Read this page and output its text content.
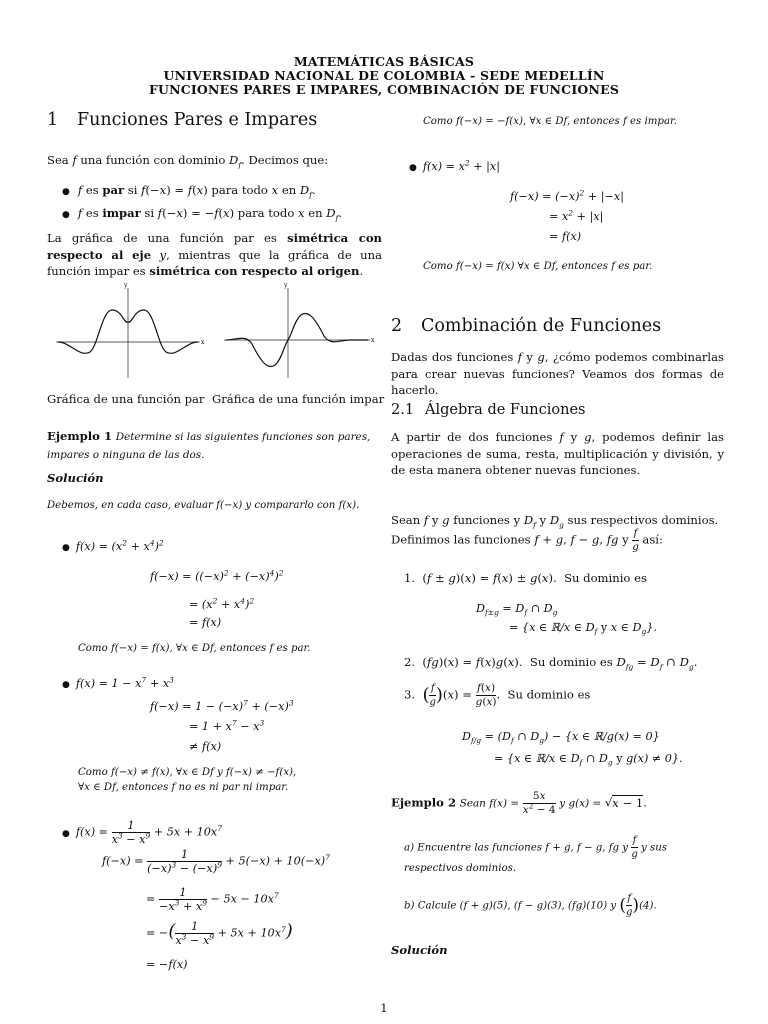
MATEMÁTICAS BÁSICAS
UNIVERSIDAD NACIONAL DE COLOMBIA - SEDE MEDELLÍN
FUNCIONES PARES E IMPARES, COMBINACIÓN DE FUNCIONES
1 Funciones Pares e Impares
Sea f una función con dominio $D_f$. Decimos que:
● f es par si f(−x) = f(x) para todo x en $D_f$.
● f es impar si f(−x) = −f(x) para todo x en $D_f$.
La gráfica de una función par es simétrica con respecto al eje y, mientras que la gráfica de una función impar es simétrica con respecto al origen.
y
x
y
x
Gráfica de una función par Gráfica de una función impar
Ejemplo 1 Determine si las siguientes funciones son pares, impares o ninguna de las dos.
Solución
Debemos, en cada caso, evaluar f(−x) y compararlo con f(x).
● $f(x) = (x^2 + x^4)^2$
$f(-x) = ((-x)^2 + (-x)^4)^2$
= $(x^2 + x^4)^2$
= f(x)
Como f(−x) = f(x), ∀x ∈ Df, entonces f es par.
● $f(x) = 1 - x^7 + x^3$
$f(-x) = 1 - (-x)^7 + (-x)^3$
= $1 + x^7 - x^3$
≠ f(x)
Como f(−x) ≠ f(x), ∀x ∈ Df y f(−x) ≠ −f(x),
∀x ∈ Df, entonces f no es ni par ni impar.
● $f(x) = \frac{1}{x^3 - x^9} + 5x + 10x^7$
$f(-x) = \frac{1}{(-x)^3 - (-x)^9} + 5(-x) + 10(-x)^7$
= $\frac{1}{-x^3 + x^9} - 5x - 10x^7$
= −( $\frac{1}{x^3 - x^9} + 5x + 10x^7$)
= −f(x)
Como f(−x) = −f(x), ∀x ∈ Df, entonces f es impar.
● $f(x) = x^2 + |x|$
$f(-x) = (-x)^2 + |-x|$
= $x^2 + |x|$
= f(x)
Como f(−x) = f(x) ∀x ∈ Df, entonces f es par.
2 Combinación de Funciones
Dadas dos funciones f y g, ¿cómo podemos combinarlas para crear nuevas funciones? Veamos dos formas de hacerlo.
2.1 Álgebra de Funciones
A partir de dos funciones f y g, podemos definir las operaciones de suma, resta, multiplicación y división, y de esta manera obtener nuevas funciones.
Sean f y g funciones y $D_f$ y $D_g$ sus respectivos dominios.
Definimos las funciones f + g, f − g, fg y $\frac{f}{g}$ así:
1.  (f ± g)(x) = f(x) ± g(x).  Su dominio es
$D_{f\pm g} = D_f$ ∩ $D_g$
= {x ∈ ℝ/x ∈ $D_f$ y x ∈ $D_g$}.
2.  (fg)(x) = f(x)g(x).  Su dominio es $D_{fg} = D_f$ ∩ $D_g$.
3.  ( $\frac{f}{g} )(x) = \frac{f(x)}{g(x)}$ .  Su dominio es
$D_{f/g} = (D_f$ ∩ $D_g) - \{x$ ∈ ℝ/g(x) = 0}
= {x ∈ ℝ/x ∈ $D_f$ ∩ $D_g$ y g(x) ≠ 0}.
Ejemplo 2 Sean $f(x) = \frac{5x}{x^2 - 4}$ y g(x) = √x − 1.
a) Encuentre las funciones f + g, f − g, fg y $\frac{f}{g}$ y sus respectivos dominios.
b) Calcule (f + g)(5), (f − g)(3), (fg)(10) y ( $\frac{f}{g} )(4)$.
Solución
1
